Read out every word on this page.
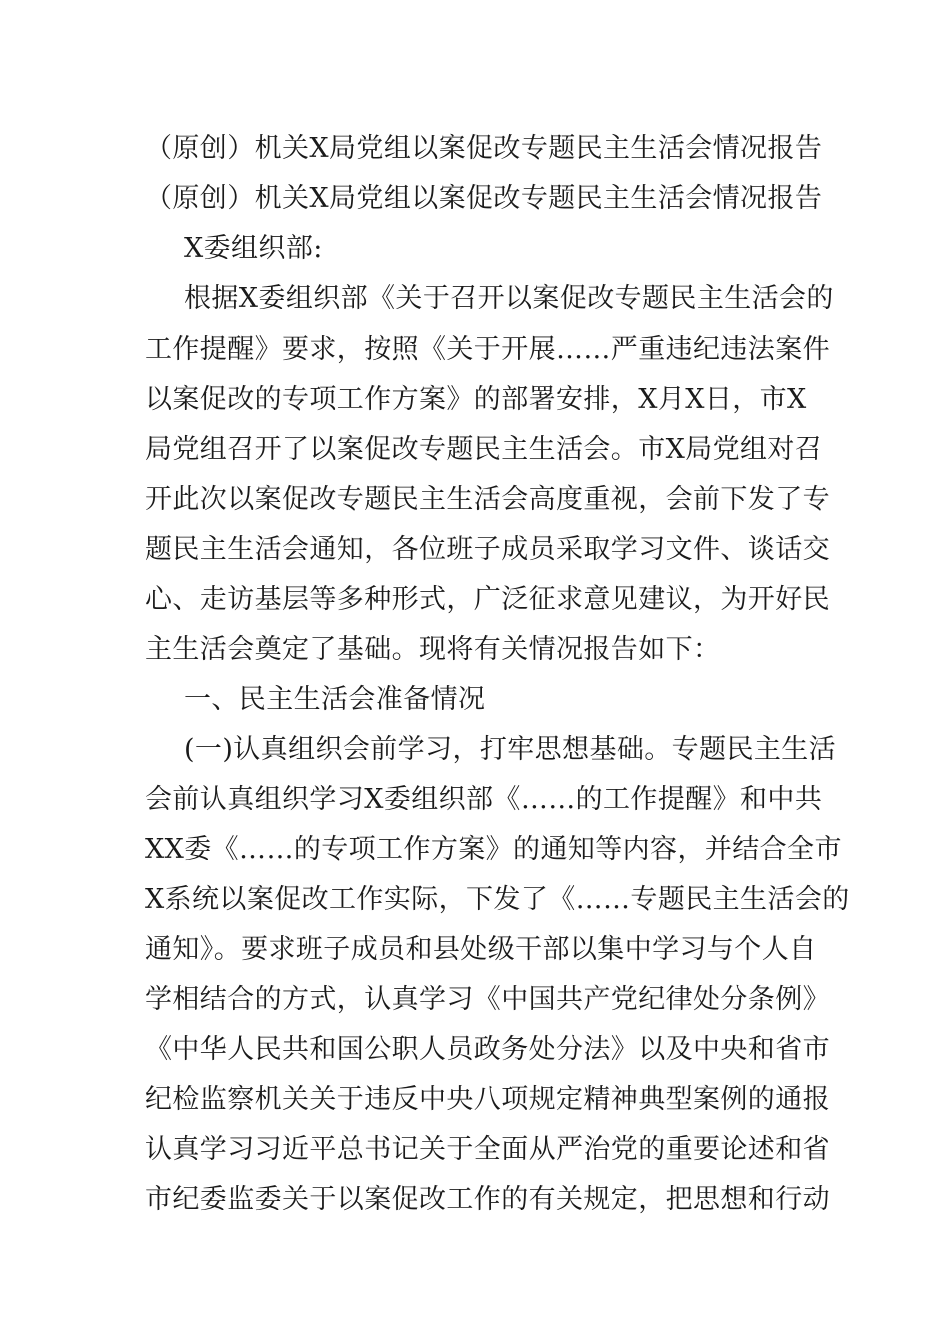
（原创）机关X局党组以案促改专题民主生活会情况报告
（原创）机关X局党组以案促改专题民主生活会情况报告
X委组织部:
根据X委组织部《关于召开以案促改专题民主生活会的
工作提醒》要求，按照《关于开展……严重违纪违法案件
以案促改的专项工作方案》的部署安排，X月X日，市X
局党组召开了以案促改专题民主生活会。市X局党组对召
开此次以案促改专题民主生活会高度重视，会前下发了专
题民主生活会通知，各位班子成员采取学习文件、谈话交
心、走访基层等多种形式，广泛征求意见建议，为开好民
主生活会奠定了基础。现将有关情况报告如下：
一、民主生活会准备情况
(一)认真组织会前学习，打牢思想基础。专题民主生活
会前认真组织学习X委组织部《……的工作提醒》和中共
XX委《……的专项工作方案》的通知等内容，并结合全市
X系统以案促改工作实际，下发了《……专题民主生活会的
通知》。要求班子成员和县处级干部以集中学习与个人自
学相结合的方式，认真学习《中国共产党纪律处分条例》
《中华人民共和国公职人员政务处分法》以及中央和省市
纪检监察机关关于违反中央八项规定精神典型案例的通报
认真学习习近平总书记关于全面从严治党的重要论述和省
市纪委监委关于以案促改工作的有关规定，把思想和行动
